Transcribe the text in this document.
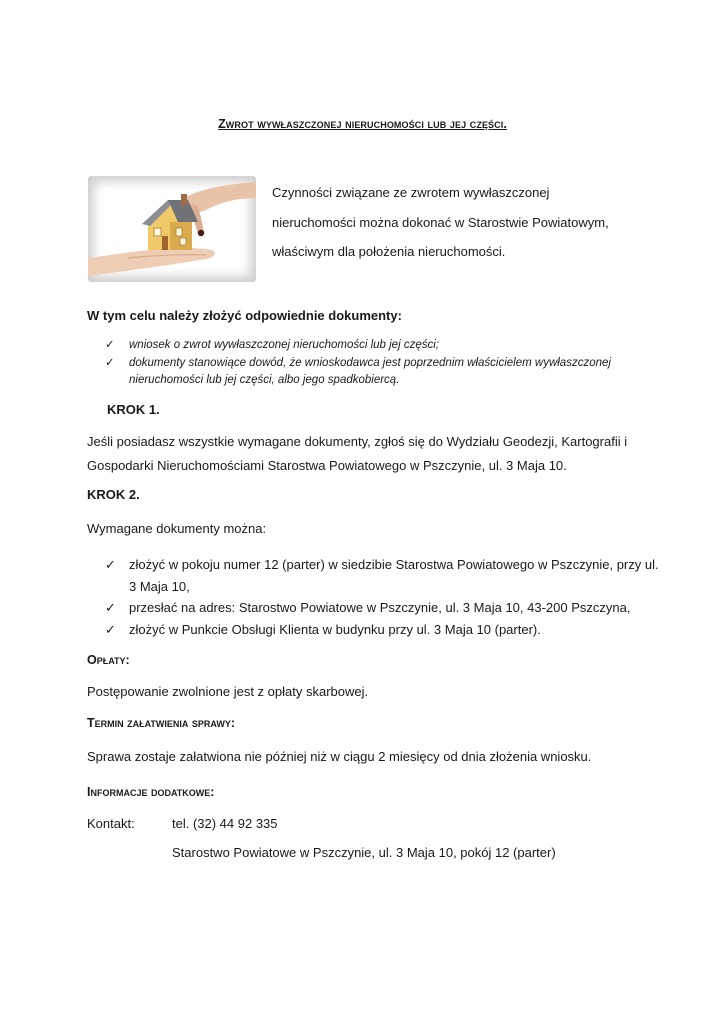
Zwrot wywłaszczonej nieruchomości lub jej części.
Czynności związane ze zwrotem wywłaszczonej
nieruchomości można dokonać w Starostwie Powiatowym,
właściwym dla położenia nieruchomości.
W tym celu należy złożyć odpowiednie dokumenty:
✓ wniosek o zwrot wywłaszczonej nieruchomości lub jej części;
✓ dokumenty stanowiące dowód, że wnioskodawca jest poprzednim właścicielem wywłaszczonej nieruchomości lub jej części, albo jego spadkobiercą.
KROK 1.
Jeśli posiadasz wszystkie wymagane dokumenty, zgłoś się do Wydziału Geodezji, Kartografii i Gospodarki Nieruchomościami Starostwa Powiatowego w Pszczynie, ul. 3 Maja 10.
KROK 2.
Wymagane dokumenty można:
✓ złożyć w pokoju numer 12 (parter) w siedzibie Starostwa Powiatowego w Pszczynie, przy ul. 3 Maja 10,
✓ przesłać na adres: Starostwo Powiatowe w Pszczynie, ul. 3 Maja 10, 43-200 Pszczyna,
✓ złożyć w Punkcie Obsługi Klienta w budynku przy ul. 3 Maja 10 (parter).
Opłaty:
Postępowanie zwolnione jest z opłaty skarbowej.
Termin załatwienia sprawy:
Sprawa zostaje załatwiona nie później niż w ciągu 2 miesięcy od dnia złożenia wniosku.
Informacje dodatkowe:
Kontakt:	tel. (32) 44 92 335
Starostwo Powiatowe w Pszczynie, ul. 3 Maja 10, pokój 12 (parter)
